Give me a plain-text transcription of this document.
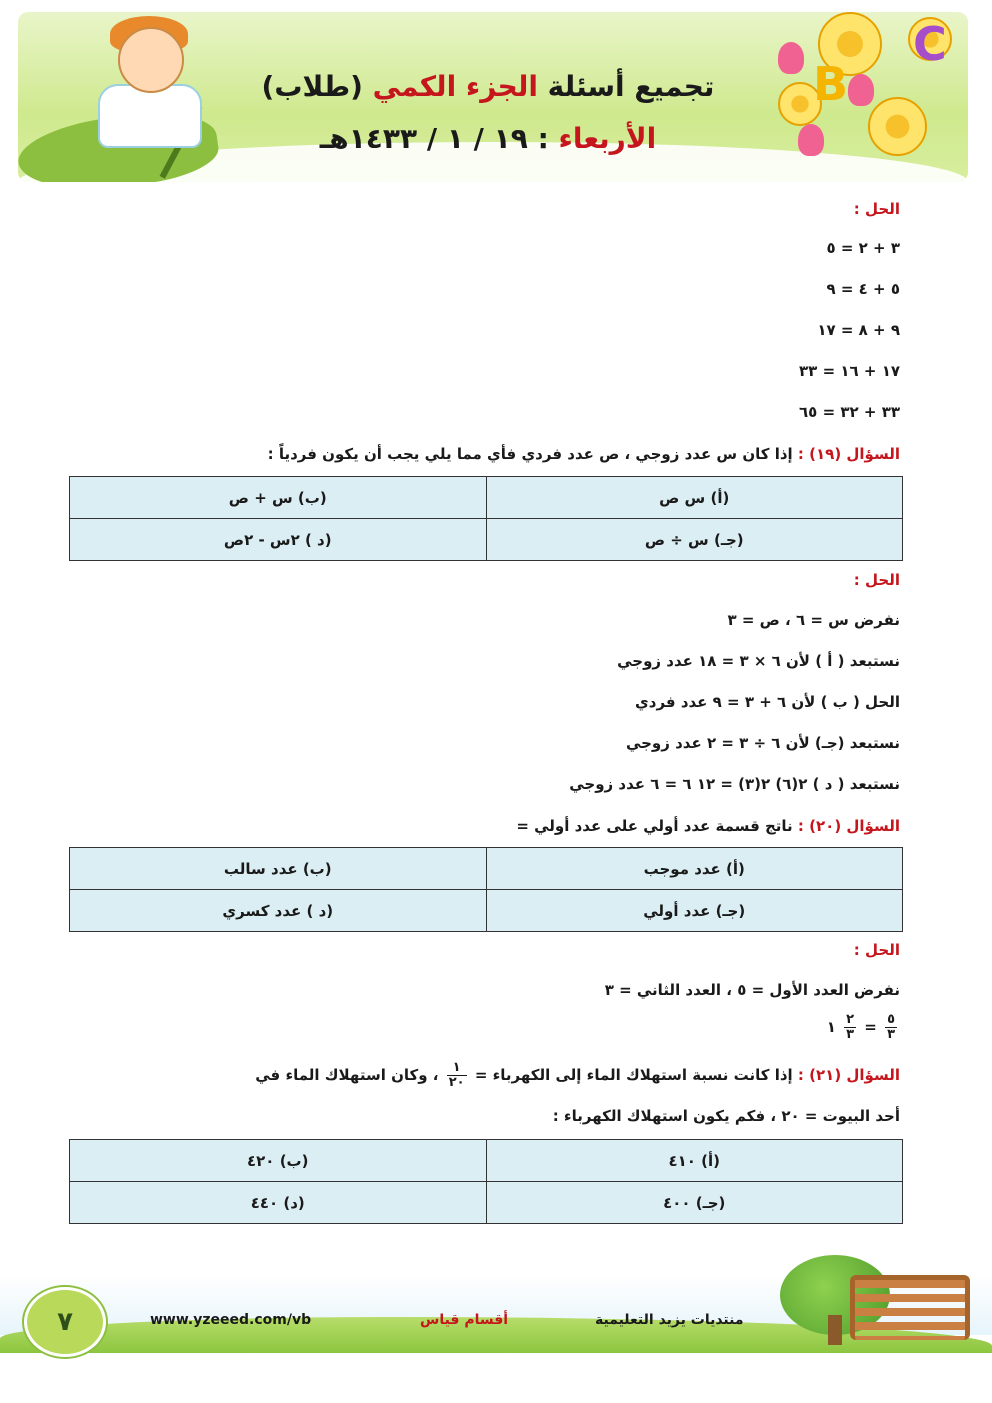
تجميع أسئلة الجزء الكمي (طلاب)
الأربعاء : ١٩ / ١ / ١٤٣٣هـ
B
C
الحل :
٣ + ٢ = ٥
٥ + ٤ = ٩
٩ + ٨ = ١٧
١٧ + ١٦ = ٣٣
٣٣ + ٣٢ = ٦٥
السؤال (١٩) : إذا كان س عدد زوجي ، ص عدد فردي فأي مما يلي يجب أن يكون فردياً :
(أ) س ص	(ب) س + ص
(جـ) س ÷ ص	(د ) ٢س - ٢ص
الحل :
نفرض س = ٦ ، ص = ٣
نستبعد ( أ ) لأن ٦ × ٣ = ١٨ عدد زوجي
الحل ( ب ) لأن ٦ + ٣ = ٩ عدد فردي
نستبعد (جـ) لأن ٦ ÷ ٣ = ٢ عدد زوجي
نستبعد ( د ) ٢(٦) ٢(٣) = ١٢ ٦ = ٦ عدد زوجي
السؤال (٢٠) : ناتج قسمة عدد أولي على عدد أولي =
(أ) عدد موجب	(ب) عدد سالب
(جـ) عدد أولي	(د ) عدد كسري
الحل :
نفرض العدد الأول = ٥ ، العدد الثاني = ٣
$\frac{٥}{٣}$
=
$\frac{٢}{٣}$
١
السؤال (٢١) : إذا كانت نسبة استهلاك الماء إلى الكهرباء =
$\frac{١}{٢٠}$
، وكان استهلاك الماء في
أحد البيوت = ٢٠ ، فكم يكون استهلاك الكهرباء :
(أ) ٤١٠	(ب) ٤٢٠
(جـ) ٤٠٠	(د) ٤٤٠
٧	www.yzeeed.com/vb	أقسام قياس	منتديات يزيد التعليمية
